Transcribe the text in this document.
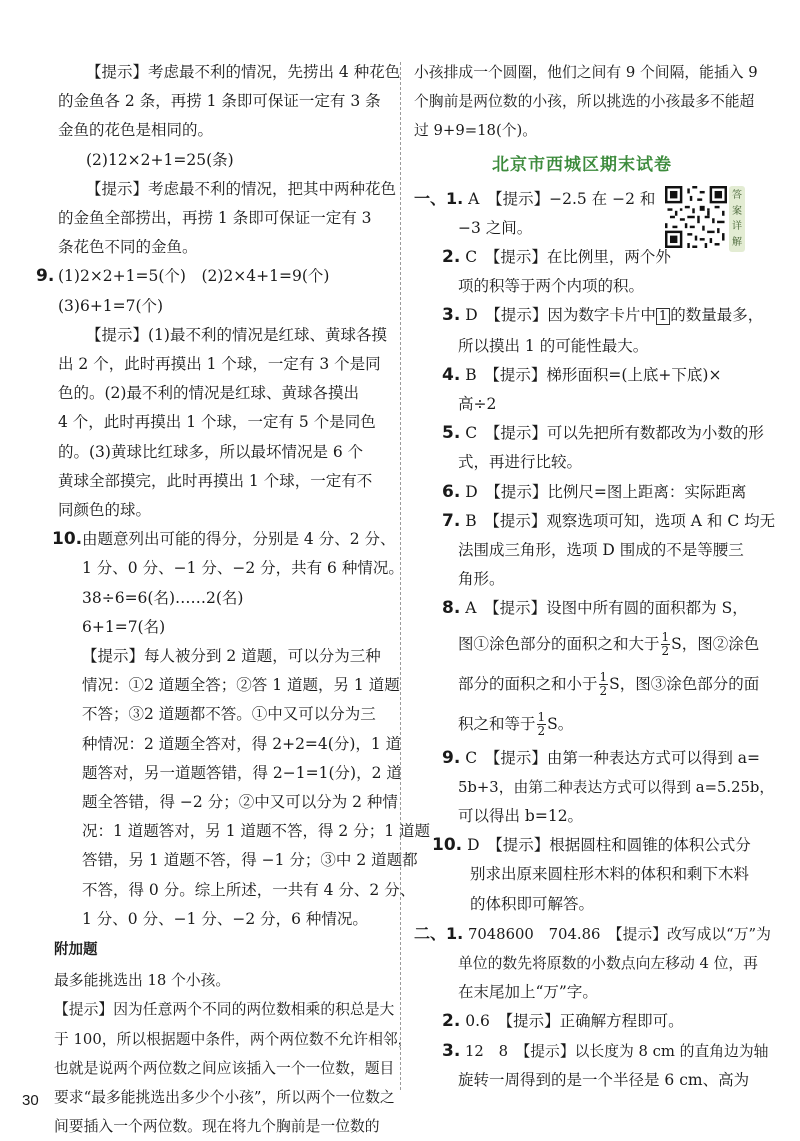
【提示】考虑最不利的情况，先捞出 4 种花色
的金鱼各 2 条，再捞 1 条即可保证一定有 3 条
金鱼的花色是相同的。
(2)12×2+1=25(条)
【提示】考虑最不利的情况，把其中两种花色
的金鱼全部捞出，再捞 1 条即可保证一定有 3
条花色不同的金鱼。
9. (1)2×2+1=5(个)　(2)2×4+1=9(个)
(3)6+1=7(个)
【提示】(1)最不利的情况是红球、黄球各摸
出 2 个，此时再摸出 1 个球，一定有 3 个是同
色的。(2)最不利的情况是红球、黄球各摸出
4 个，此时再摸出 1 个球，一定有 5 个是同色
的。(3)黄球比红球多，所以最坏情况是 6 个
黄球全部摸完，此时再摸出 1 个球，一定有不
同颜色的球。
10.由题意列出可能的得分，分别是 4 分、2 分、
1 分、0 分、−1 分、−2 分，共有 6 种情况。
38÷6=6(名)……2(名)
6+1=7(名)
【提示】每人被分到 2 道题，可以分为三种
情况：①2 道题全答；②答 1 道题，另 1 道题
不答；③2 道题都不答。①中又可以分为三
种情况：2 道题全答对，得 2+2=4(分)，1 道
题答对，另一道题答错，得 2−1=1(分)，2 道
题全答错，得 −2 分；②中又可以分为 2 种情
况：1 道题答对，另 1 道题不答，得 2 分；1 道题
答错，另 1 道题不答，得 −1 分；③中 2 道题都
不答，得 0 分。综上所述，一共有 4 分、2 分、
1 分、0 分、−1 分、−2 分，6 种情况。
附加题
最多能挑选出 18 个小孩。
【提示】因为任意两个不同的两位数相乘的积总是大
于 100，所以根据题中条件，两个两位数不允许相邻，
也就是说两个两位数之间应该插入一个一位数，题目
要求“最多能挑选出多少个小孩”，所以两个一位数之
间要插入一个两位数。现在将九个胸前是一位数的
小孩排成一个圆圈，他们之间有 9 个间隔，能插入 9
个胸前是两位数的小孩，所以挑选的小孩最多不能超
过 9+9=18(个)。
北京市西城区期末试卷
一、1. A　【提示】−2.5 在 −2 和
−3 之间。
2. C　【提示】在比例里，两个外
项的积等于两个内项的积。
3. D　【提示】因为数字卡片中 1 的数量最多，
所以摸出 1 的可能性最大。
4. B　【提示】梯形面积=(上底+下底)×
高÷2
5. C　【提示】可以先把所有数都改为小数的形
式，再进行比较。
6. D　【提示】比例尺=图上距离：实际距离
7. B　【提示】观察选项可知，选项 A 和 C 均无
法围成三角形，选项 D 围成的不是等腰三
角形。
8. A　【提示】设图中所有圆的面积都为 S，
图①涂色部分的面积之和大于 $\frac{1}{2}$ S，图②涂色
部分的面积之和小于 $\frac{1}{2}$ S，图③涂色部分的面
积之和等于 $\frac{1}{2}$ S。
9. C　【提示】由第一种表达方式可以得到 a=
5b+3，由第二种表达方式可以得到 a=5.25b，
可以得出 b=12。
10. D　【提示】根据圆柱和圆锥的体积公式分
别求出原来圆柱形木料的体积和剩下木料
的体积即可解答。
二、1. 7048600　704.86　【提示】改写成以“万”为
单位的数先将原数的小数点向左移动 4 位，再
在末尾加上“万”字。
2. 0.6　【提示】正确解方程即可。
3. 12　8　【提示】以长度为 8 cm 的直角边为轴
旋转一周得到的是一个半径是 6 cm、高为
答
案
详
解
30
